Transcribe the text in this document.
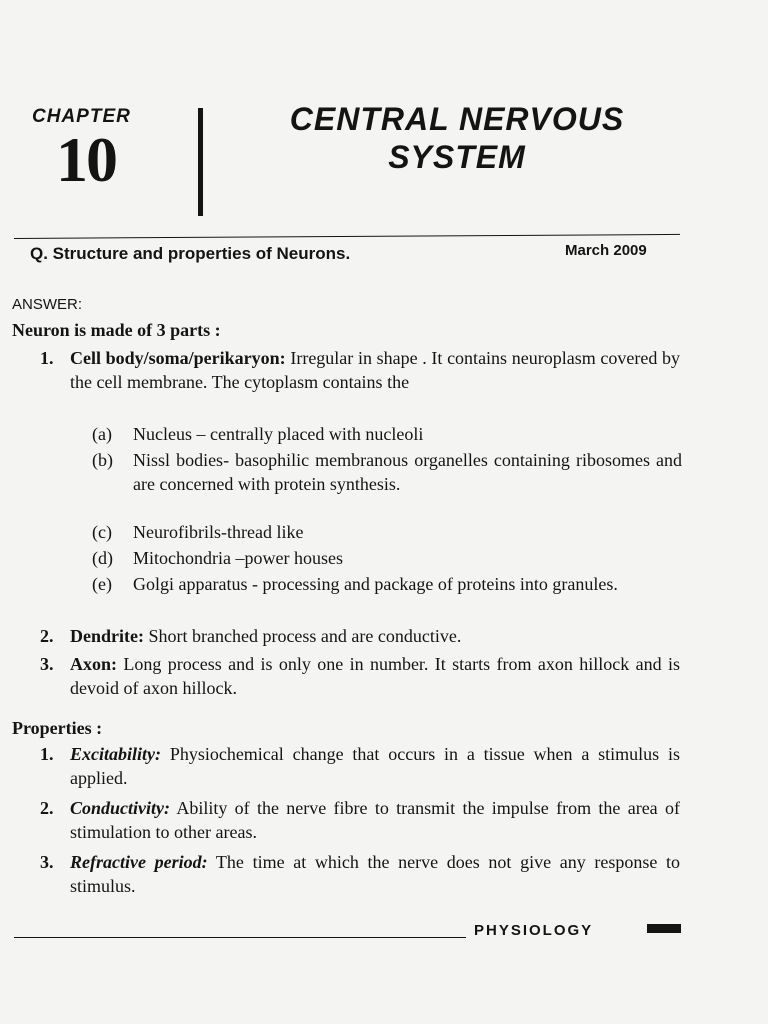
CHAPTER
10
CENTRAL NERVOUS
SYSTEM
Q. Structure and properties of Neurons.	March 2009
ANSWER:
Neuron is made of 3 parts :
1. Cell body/soma/perikaryon: Irregular in shape . It contains neuroplasm covered by the cell membrane. The cytoplasm contains the
(a) Nucleus – centrally placed with nucleoli
(b) Nissl bodies- basophilic membranous organelles containing ribosomes and are concerned with protein synthesis.
(c) Neurofibrils-thread like
(d) Mitochondria –power houses
(e) Golgi apparatus - processing and package of proteins into granules.
2. Dendrite: Short branched process and are conductive.
3. Axon: Long process and is only one in number. It starts from axon hillock and is devoid of axon hillock.
Properties :
1. Excitability: Physiochemical change that occurs in a tissue when a stimulus is applied.
2. Conductivity: Ability of the nerve fibre to transmit the impulse from the area of stimulation to other areas.
3. Refractive period: The time at which the nerve does not give any response to stimulus.
PHYSIOLOGY
